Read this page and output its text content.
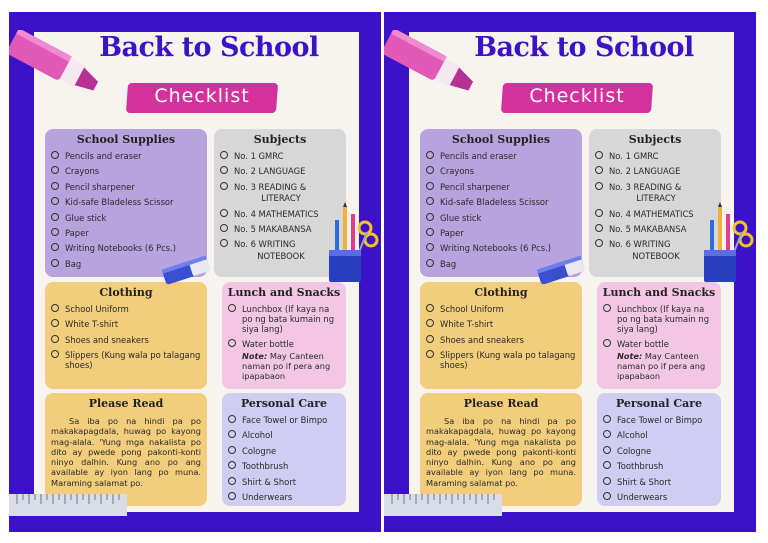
Back to School
Checklist
School Supplies
Pencils and eraser
Crayons
Pencil sharpener
Kid-safe Bladeless Scissor
Glue stick
Paper
Writing Notebooks (6 Pcs.)
Bag
Subjects
No. 1 GMRC
No. 2 LANGUAGE
No. 3 READING &
LITERACY
No. 4 MATHEMATICS
No. 5 MAKABANSA
No. 6 WRITING
NOTEBOOK
Clothing
School Uniform
White T-shirt
Shoes and sneakers
Slippers (Kung wala po talagang shoes)
Lunch and Snacks
Lunchbox (If kaya na po ng bata kumain ng siya lang)
Water bottle
Note: May Canteen naman po if pera ang ipapabaon
Please Read
Sa iba po na hindi pa po makakapagdala, huwag po kayong mag-alala. 'Yung mga nakalista po dito ay pwede pong pakonti-konti ninyo dalhin. Kung ano po ang available ay iyon lang po muna. Maraming salamat po.
Personal Care
Face Towel or Bimpo
Alcohol
Cologne
Toothbrush
Shirt & Short
Underwears
Back to School
Checklist
School Supplies
Pencils and eraser
Crayons
Pencil sharpener
Kid-safe Bladeless Scissor
Glue stick
Paper
Writing Notebooks (6 Pcs.)
Bag
Subjects
No. 1 GMRC
No. 2 LANGUAGE
No. 3 READING &
LITERACY
No. 4 MATHEMATICS
No. 5 MAKABANSA
No. 6 WRITING
NOTEBOOK
Clothing
School Uniform
White T-shirt
Shoes and sneakers
Slippers (Kung wala po talagang shoes)
Lunch and Snacks
Lunchbox (If kaya na po ng bata kumain ng siya lang)
Water bottle
Note: May Canteen naman po if pera ang ipapabaon
Please Read
Sa iba po na hindi pa po makakapagdala, huwag po kayong mag-alala. 'Yung mga nakalista po dito ay pwede pong pakonti-konti ninyo dalhin. Kung ano po ang available ay iyon lang po muna. Maraming salamat po.
Personal Care
Face Towel or Bimpo
Alcohol
Cologne
Toothbrush
Shirt & Short
Underwears
